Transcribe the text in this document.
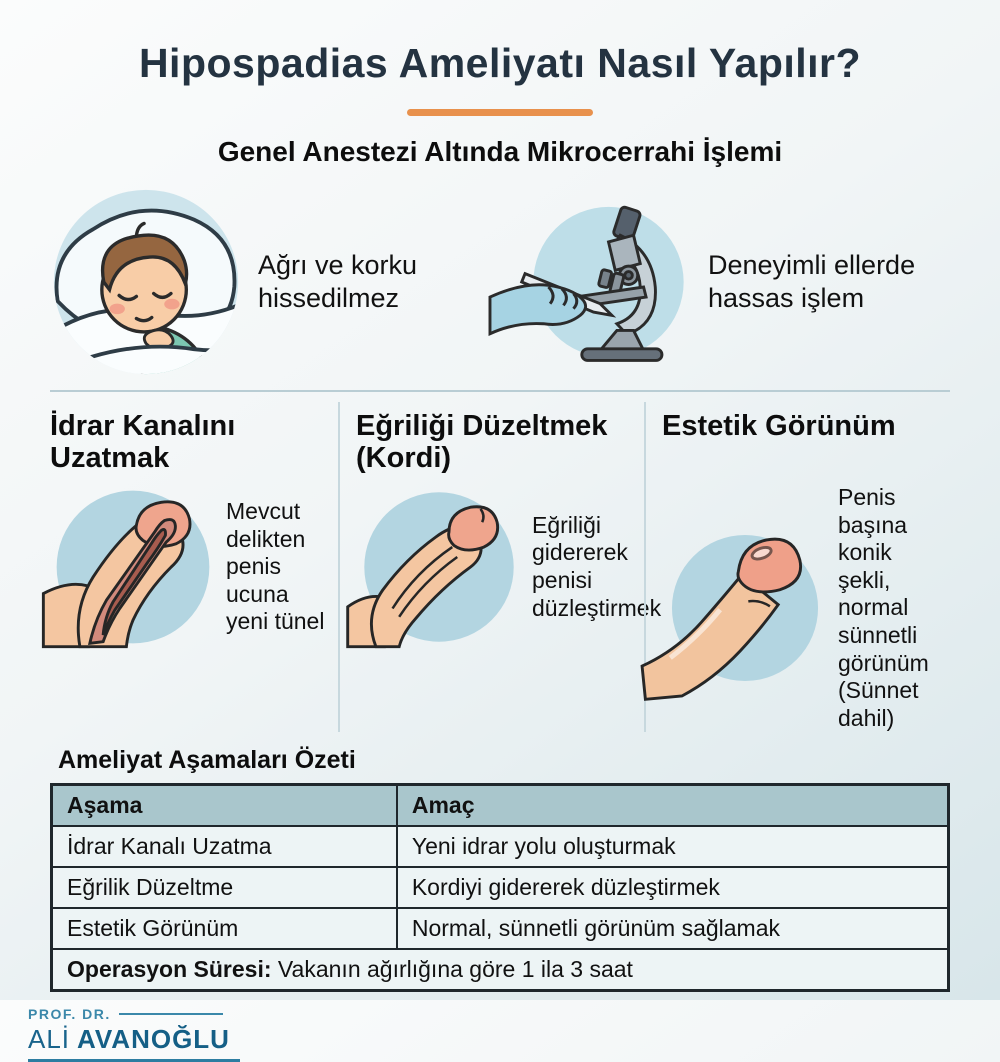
Hipospadias Ameliyatı Nasıl Yapılır?
Genel Anestezi Altında Mikrocerrahi İşlemi

Ağrı ve korku hissedilmez

Deneyimli ellerde hassas işlem

İdrar Kanalını Uzatmak

Mevcut delikten penis ucuna yeni tünel

Eğriliği Düzeltmek (Kordi)

Eğriliği gidererek penisi düzleştirmek

Estetik Görünüm

Penis başına konik şekli, normal sünnetli görünüm (Sünnet dahil)

Ameliyat Aşamaları Özeti
Aşama	Amaç
İdrar Kanalı Uzatma	Yeni idrar yolu oluşturmak
Eğrilik Düzeltme	Kordiyi gidererek düzleştirmek
Estetik Görünüm	Normal, sünnetli görünüm sağlamak
Operasyon Süresi: Vakanın ağırlığına göre 1 ila 3 saat	
PROF. DR.
ALİ AVANOĞLU
